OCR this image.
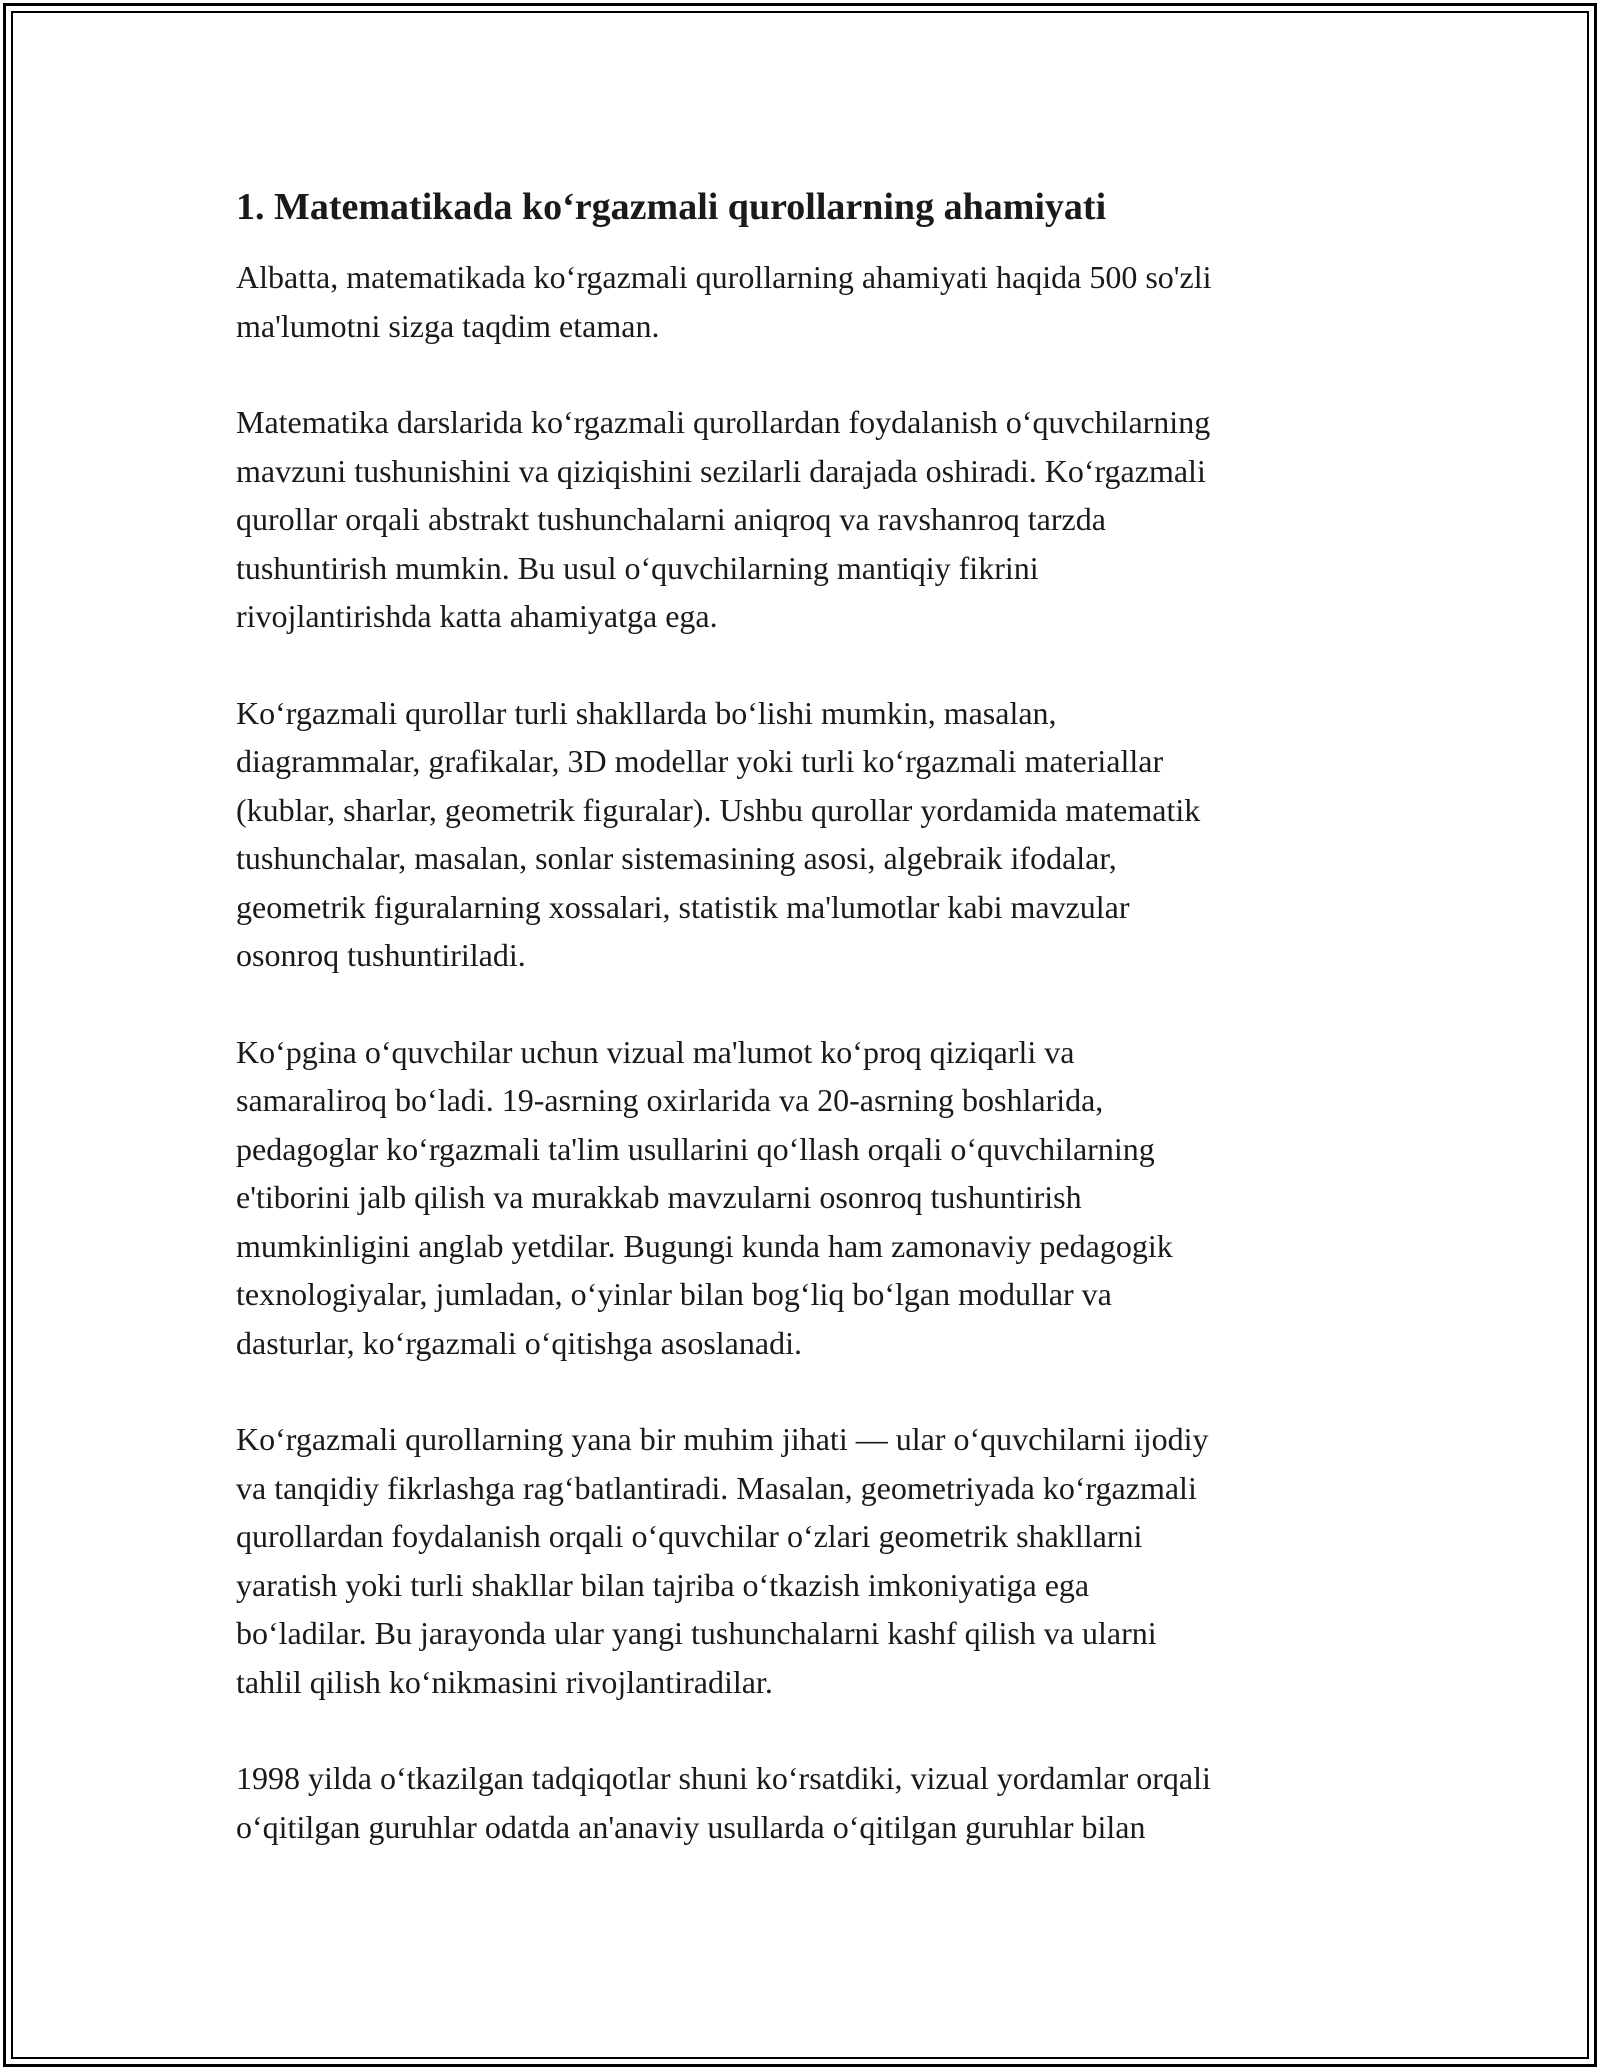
1. Matematikada ko‘rgazmali qurollarning ahamiyati

Albatta, matematikada ko‘rgazmali qurollarning ahamiyati haqida 500 so'zli
ma'lumotni sizga taqdim etaman.

Matematika darslarida ko‘rgazmali qurollardan foydalanish o‘quvchilarning
mavzuni tushunishini va qiziqishini sezilarli darajada oshiradi. Ko‘rgazmali
qurollar orqali abstrakt tushunchalarni aniqroq va ravshanroq tarzda
tushuntirish mumkin. Bu usul o‘quvchilarning mantiqiy fikrini
rivojlantirishda katta ahamiyatga ega.

Ko‘rgazmali qurollar turli shakllarda bo‘lishi mumkin, masalan,
diagrammalar, grafikalar, 3D modellar yoki turli ko‘rgazmali materiallar
(kublar, sharlar, geometrik figuralar). Ushbu qurollar yordamida matematik
tushunchalar, masalan, sonlar sistemasining asosi, algebraik ifodalar,
geometrik figuralarning xossalari, statistik ma'lumotlar kabi mavzular
osonroq tushuntiriladi.

Ko‘pgina o‘quvchilar uchun vizual ma'lumot ko‘proq qiziqarli va
samaraliroq bo‘ladi. 19-asrning oxirlarida va 20-asrning boshlarida,
pedagoglar ko‘rgazmali ta'lim usullarini qo‘llash orqali o‘quvchilarning
e'tiborini jalb qilish va murakkab mavzularni osonroq tushuntirish
mumkinligini anglab yetdilar. Bugungi kunda ham zamonaviy pedagogik
texnologiyalar, jumladan, o‘yinlar bilan bog‘liq bo‘lgan modullar va
dasturlar, ko‘rgazmali o‘qitishga asoslanadi.

Ko‘rgazmali qurollarning yana bir muhim jihati — ular o‘quvchilarni ijodiy
va tanqidiy fikrlashga rag‘batlantiradi. Masalan, geometriyada ko‘rgazmali
qurollardan foydalanish orqali o‘quvchilar o‘zlari geometrik shakllarni
yaratish yoki turli shakllar bilan tajriba o‘tkazish imkoniyatiga ega
bo‘ladilar. Bu jarayonda ular yangi tushunchalarni kashf qilish va ularni
tahlil qilish ko‘nikmasini rivojlantiradilar.

1998 yilda o‘tkazilgan tadqiqotlar shuni ko‘rsatdiki, vizual yordamlar orqali
o‘qitilgan guruhlar odatda an'anaviy usullarda o‘qitilgan guruhlar bilan
